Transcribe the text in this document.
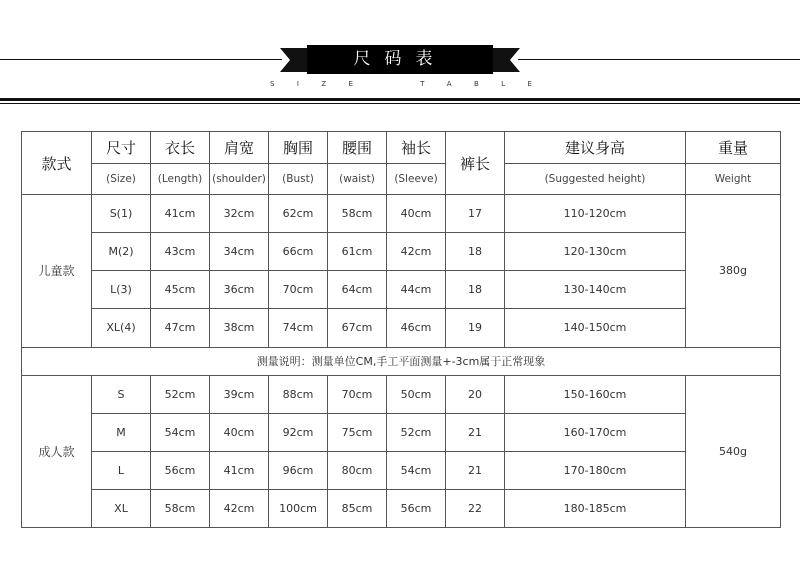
尺码表
S	I	Z	E	T	A	B	L	E
款式	尺寸	衣长	肩宽	胸围	腰围	袖长	裤长	建议身高	重量
	(Size)	(Length)	(shoulder)	(Bust)	(waist)	(Sleeve)		(Suggested height)	Weight
儿童款	S(1)	41cm	32cm	62cm	58cm	40cm	17	110-120cm	380g
	M(2)	43cm	34cm	66cm	61cm	42cm	18	120-130cm	
	L(3)	45cm	36cm	70cm	64cm	44cm	18	130-140cm	
	XL(4)	47cm	38cm	74cm	67cm	46cm	19	140-150cm	
测量说明：测量单位CM,手工平面测量+-3cm属于正常现象									
成人款	S	52cm	39cm	88cm	70cm	50cm	20	150-160cm	540g
	M	54cm	40cm	92cm	75cm	52cm	21	160-170cm	
	L	56cm	41cm	96cm	80cm	54cm	21	170-180cm	
	XL	58cm	42cm	100cm	85cm	56cm	22	180-185cm	
